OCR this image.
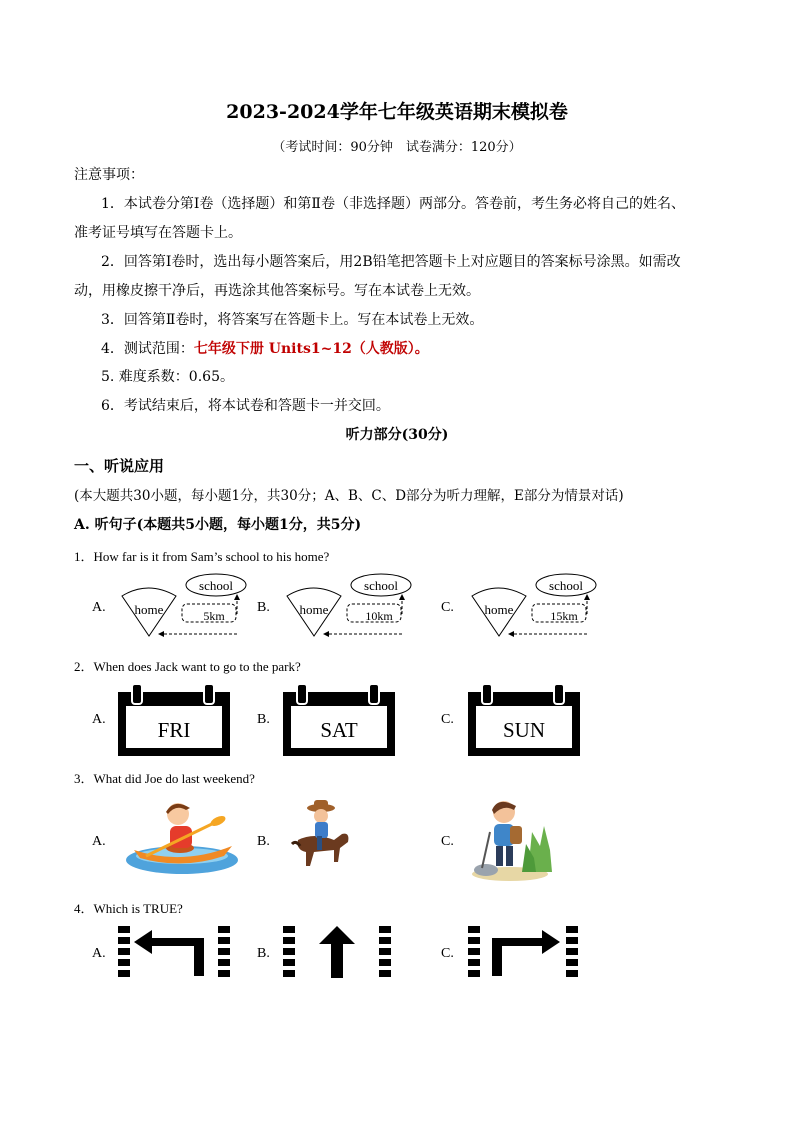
2023-2024学年七年级英语期末模拟卷
（考试时间：90分钟　试卷满分：120分）
注意事项：
1．本试卷分第Ⅰ卷（选择题）和第Ⅱ卷（非选择题）两部分。答卷前，考生务必将自己的姓名、
准考证号填写在答题卡上。
2．回答第Ⅰ卷时，选出每小题答案后，用2B铅笔把答题卡上对应题目的答案标号涂黑。如需改
动，用橡皮擦干净后，再选涂其他答案标号。写在本试卷上无效。
3．回答第Ⅱ卷时，将答案写在答题卡上。写在本试卷上无效。
4．测试范围：七年级下册 Units1~12（人教版）。
5. 难度系数：0.65。
6．考试结束后，将本试卷和答题卡一并交回。
听力部分(30分)
一、听说应用
(本大题共30小题，每小题1分，共30分；A、B、C、D部分为听力理解，E部分为情景对话)
A. 听句子(本题共5小题，每小题1分，共5分)
1．How far is it from Sam’s school to his home?
A.	B.	C.
home
school
5km	home
school
10km	home
school
15km
2．When does Jack want to go to the park?
A.	B.	C.
FRI	SAT	SUN
3．What did Joe do last weekend?
A.	B.	C.
4．Which is TRUE?
A.	B.	C.
